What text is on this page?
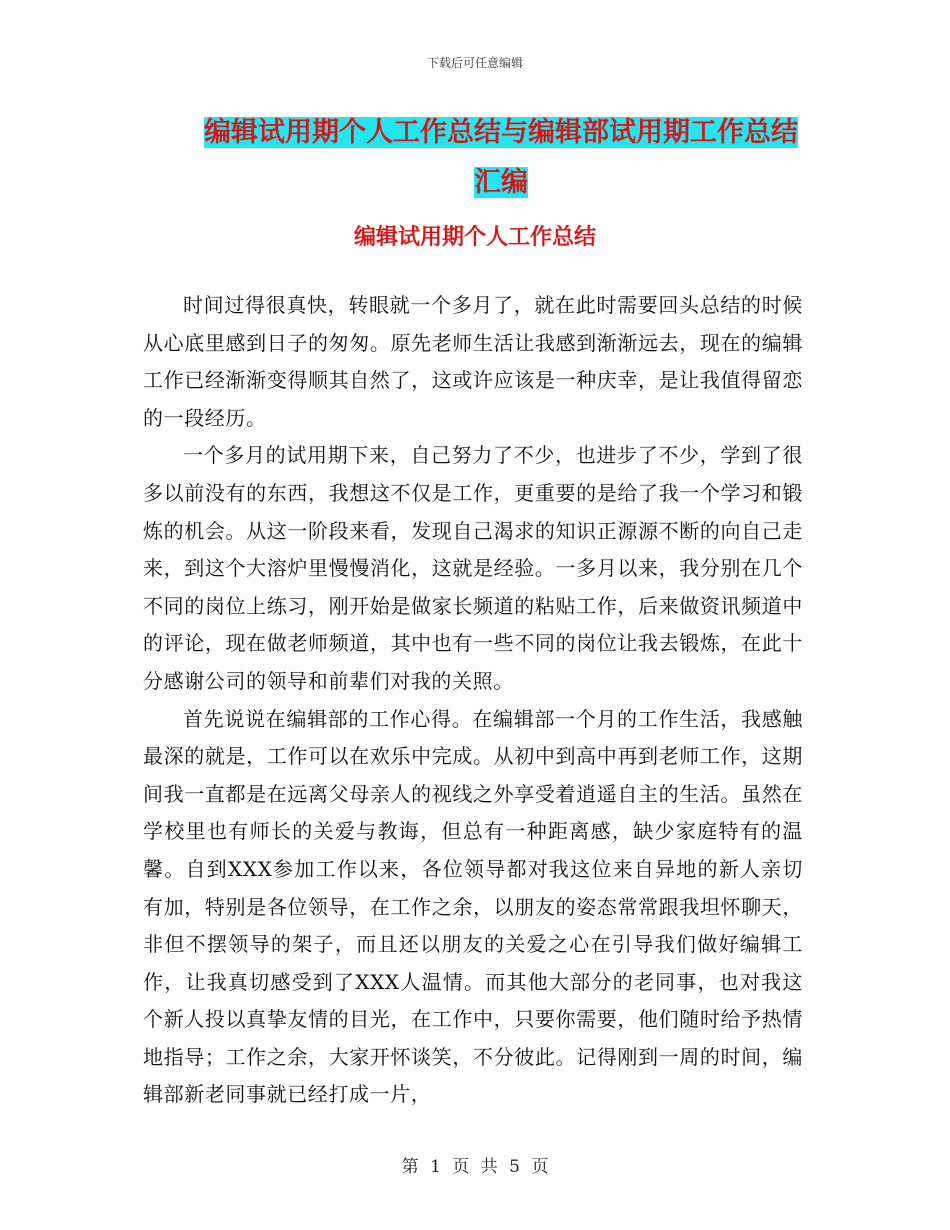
下载后可任意编辑
编辑试用期个人工作总结与编辑部试用期工作总结汇编
编辑试用期个人工作总结

时间过得很真快，转眼就一个多月了，就在此时需要回头总结的时候从心底里感到日子的匆匆。原先老师生活让我感到渐渐远去，现在的编辑工作已经渐渐变得顺其自然了，这或许应该是一种庆幸，是让我值得留恋的一段经历。

一个多月的试用期下来，自己努力了不少，也进步了不少，学到了很多以前没有的东西，我想这不仅是工作，更重要的是给了我一个学习和锻炼的机会。从这一阶段来看，发现自己渴求的知识正源源不断的向自己走来，到这个大溶炉里慢慢消化，这就是经验。一多月以来，我分别在几个不同的岗位上练习，刚开始是做家长频道的粘贴工作，后来做资讯频道中的评论，现在做老师频道，其中也有一些不同的岗位让我去锻炼，在此十分感谢公司的领导和前辈们对我的关照。

首先说说在编辑部的工作心得。在编辑部一个月的工作生活，我感触最深的就是，工作可以在欢乐中完成。从初中到高中再到老师工作，这期间我一直都是在远离父母亲人的视线之外享受着逍遥自主的生活。虽然在学校里也有师长的关爱与教诲，但总有一种距离感，缺少家庭特有的温馨。自到XXX参加工作以来，各位领导都对我这位来自异地的新人亲切有加，特别是各位领导，在工作之余，以朋友的姿态常常跟我坦怀聊天，非但不摆领导的架子，而且还以朋友的关爱之心在引导我们做好编辑工作，让我真切感受到了XXX人温情。而其他大部分的老同事，也对我这个新人投以真挚友情的目光，在工作中，只要你需要，他们随时给予热情地指导；工作之余，大家开怀谈笑，不分彼此。记得刚到一周的时间，编辑部新老同事就已经打成一片，

第 1 页 共 5 页
